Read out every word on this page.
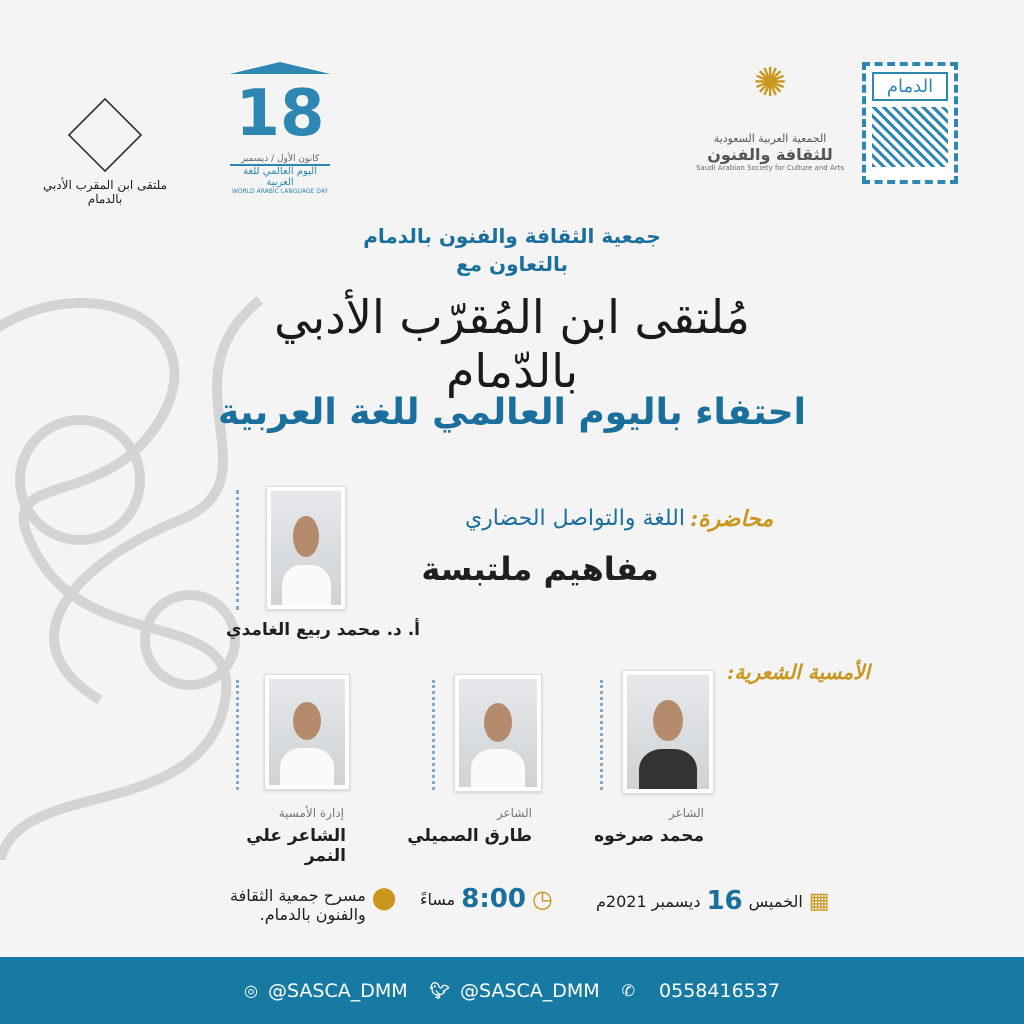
الدمام
✺
الجمعية العربية السعودية
للثقافة والفنون
Saudi Arabian Society for Culture and Arts
18
كانون الأول / ديسمبر
اليوم العالمي للغة العربية
WORLD ARABIC LANGUAGE DAY
ملتقى ابن المقرب الأدبي بالدمام
جمعية الثقافة والفنون بالدمام
بالتعاون مع
مُلتقى ابن المُقرّب الأدبي بالدّمام
احتفاء باليوم العالمي للغة العربية
محاضرة:
اللغة والتواصل الحضاري
مفاهيم ملتبسة
أ. د. محمد ربيع الغامدي
الأمسية الشعرية:
الشاعر
محمد صرخوه
الشاعر
طارق الصميلي
إدارة الأمسية
الشاعر علي النمر
▦
الخميس
16
ديسمبر 2021م
◷
8:00
مساءً
⬤
مسرح جمعية الثقافة
والفنون بالدمام.
◎ @SASCA_DMM 🐦︎ @SASCA_DMM ✆ 0558416537
